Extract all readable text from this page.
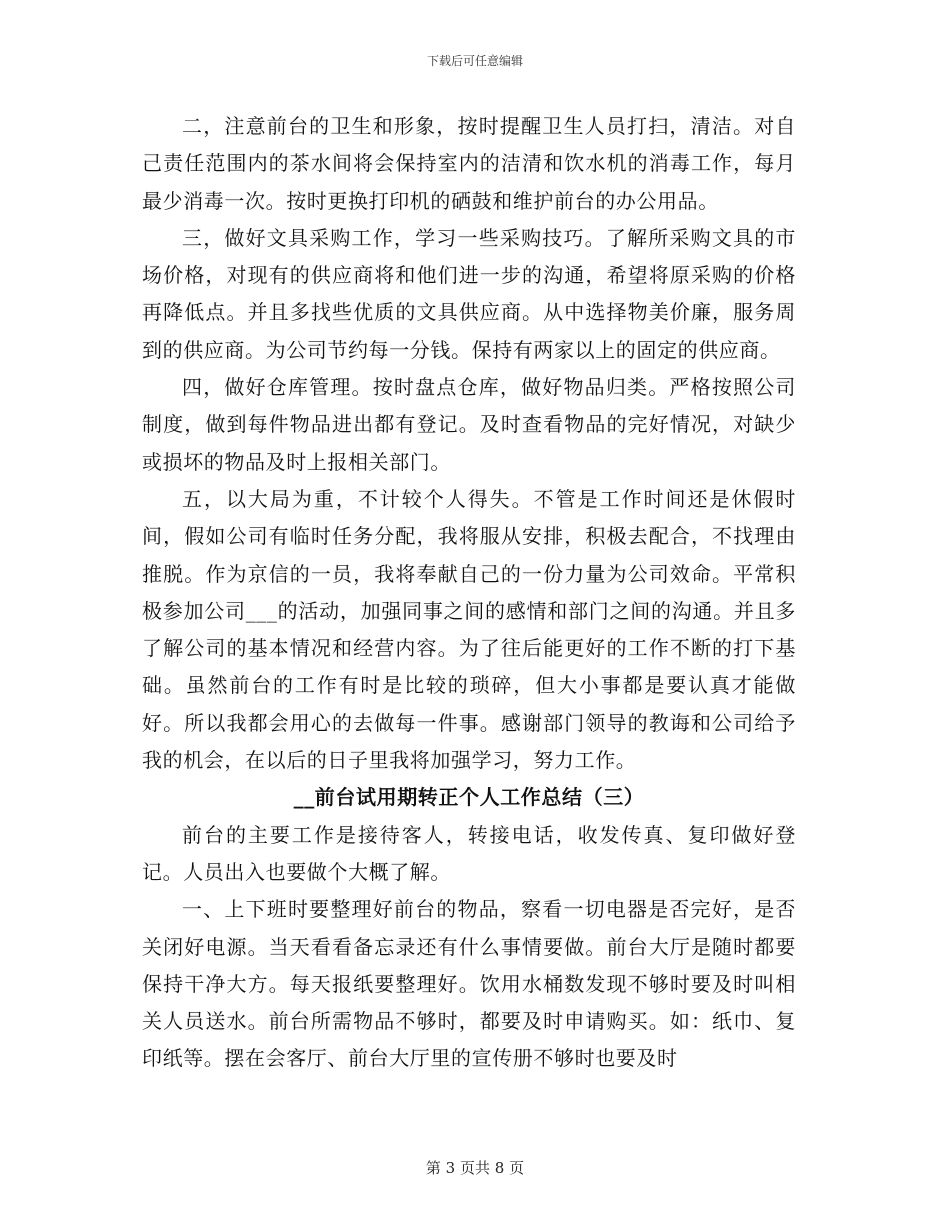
下载后可任意编辑

二，注意前台的卫生和形象，按时提醒卫生人员打扫，清洁。对自己责任范围内的茶水间将会保持室内的洁清和饮水机的消毒工作，每月最少消毒一次。按时更换打印机的硒鼓和维护前台的办公用品。

三，做好文具采购工作，学习一些采购技巧。了解所采购文具的市场价格，对现有的供应商将和他们进一步的沟通，希望将原采购的价格再降低点。并且多找些优质的文具供应商。从中选择物美价廉，服务周到的供应商。为公司节约每一分钱。保持有两家以上的固定的供应商。

四，做好仓库管理。按时盘点仓库，做好物品归类。严格按照公司制度，做到每件物品进出都有登记。及时查看物品的完好情况，对缺少或损坏的物品及时上报相关部门。

五，以大局为重，不计较个人得失。不管是工作时间还是休假时间，假如公司有临时任务分配，我将服从安排，积极去配合，不找理由推脱。作为京信的一员，我将奉献自己的一份力量为公司效命。平常积极参加公司___的活动，加强同事之间的感情和部门之间的沟通。并且多了解公司的基本情况和经营内容。为了往后能更好的工作不断的打下基础。虽然前台的工作有时是比较的琐碎，但大小事都是要认真才能做好。所以我都会用心的去做每一件事。感谢部门领导的教诲和公司给予我的机会，在以后的日子里我将加强学习，努力工作。

__前台试用期转正个人工作总结（三）

前台的主要工作是接待客人，转接电话，收发传真、复印做好登记。人员出入也要做个大概了解。

一、上下班时要整理好前台的物品，察看一切电器是否完好，是否关闭好电源。当天看看备忘录还有什么事情要做。前台大厅是随时都要保持干净大方。每天报纸要整理好。饮用水桶数发现不够时要及时叫相关人员送水。前台所需物品不够时，都要及时申请购买。如：纸巾、复印纸等。摆在会客厅、前台大厅里的宣传册不够时也要及时

第 3 页共 8 页
